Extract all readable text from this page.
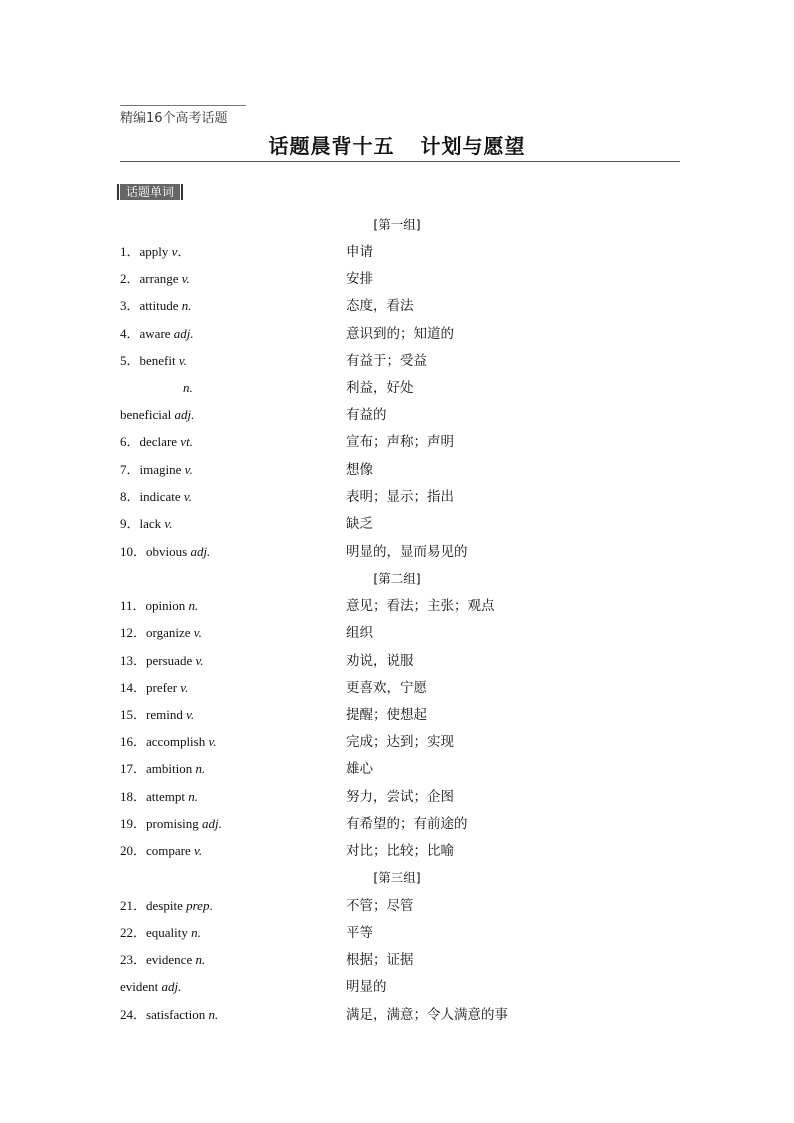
精编16个高考话题
话题晨背十五 计划与愿望
话题单词
[第一组]
[第二组]
[第三组]
1．apply v．	申请
2．arrange v.	安排
3．attitude n.	态度，看法
4．aware adj.	意识到的；知道的
5．benefit v.	有益于；受益
n.	利益，好处
beneficial adj.	有益的
6．declare vt.	宣布；声称；声明
7．imagine v.	想像
8．indicate v.	表明；显示；指出
9．lack v.	缺乏
10．obvious adj.	明显的，显而易见的
11．opinion n.	意见；看法；主张；观点
12．organize v.	组织
13．persuade v.	劝说，说服
14．prefer v.	更喜欢，宁愿
15．remind v.	提醒；使想起
16．accomplish v.	完成；达到；实现
17．ambition n.	雄心
18．attempt n.	努力，尝试；企图
19．promising adj.	有希望的；有前途的
20．compare v.	对比；比较；比喻
21．despite prep.	不管；尽管
22．equality n.	平等
23．evidence n.	根据；证据
evident adj.	明显的
24．satisfaction n.	满足，满意；令人满意的事
